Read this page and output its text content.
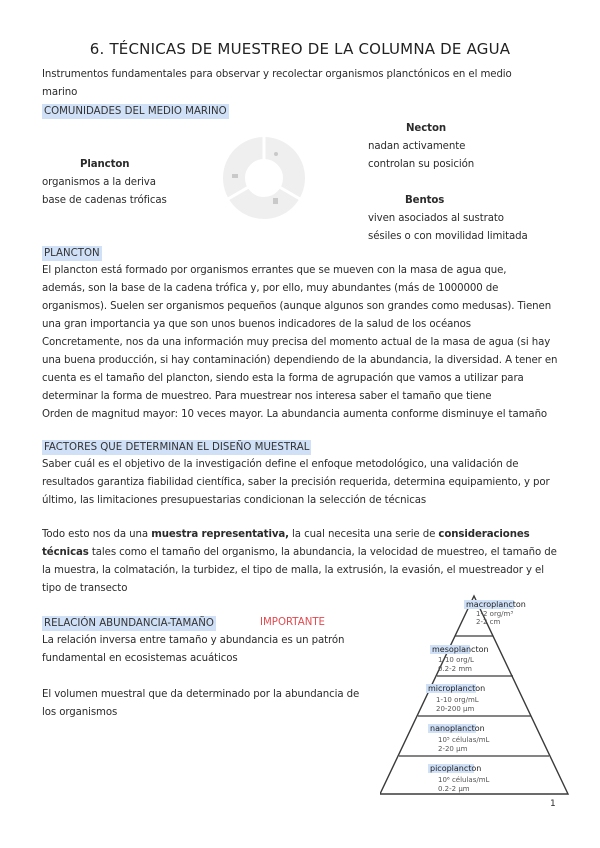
6. TÉCNICAS DE MUESTREO DE LA COLUMNA DE AGUA
Instrumentos fundamentales para observar y recolectar organismos planctónicos en el medio
marino
COMUNIDADES DEL MEDIO MARINO
Necton
nadan activamente
controlan su posición
Plancton
organismos a la deriva
base de cadenas tróficas	Bentos
viven asociados al sustrato
sésiles o con movilidad limitada
PLANCTON
El plancton está formado por organismos errantes que se mueven con la masa de agua que,
además, son la base de la cadena trófica y, por ello, muy abundantes (más de 1000000 de
organismos). Suelen ser organismos pequeños (aunque algunos son grandes como medusas). Tienen
una gran importancia ya que son unos buenos indicadores de la salud de los océanos
Concretamente, nos da una información muy precisa del momento actual de la masa de agua (si hay
una buena producción, si hay contaminación) dependiendo de la abundancia, la diversidad. A tener en
cuenta es el tamaño del plancton, siendo esta la forma de agrupación que vamos a utilizar para
determinar la forma de muestreo. Para muestrear nos interesa saber el tamaño que tiene
Orden de magnitud mayor: 10 veces mayor. La abundancia aumenta conforme disminuye el tamaño
FACTORES QUE DETERMINAN EL DISEÑO MUESTRAL
Saber cuál es el objetivo de la investigación define el enfoque metodológico, una validación de
resultados garantiza fiabilidad científica, saber la precisión requerida, determina equipamiento, y por
último, las limitaciones presupuestarias condicionan la selección de técnicas
Todo esto nos da una muestra representativa, la cual necesita una serie de consideraciones
técnicas tales como el tamaño del organismo, la abundancia, la velocidad de muestreo, el tamaño de
la muestra, la colmatación, la turbidez, el tipo de malla, la extrusión, la evasión, el muestreador y el
tipo de transecto
RELACIÓN ABUNDANCIA-TAMAÑO	IMPORTANTE
La relación inversa entre tamaño y abundancia es un patrón
fundamental en ecosistemas acuáticos
El volumen muestral que da determinado por la abundancia de
los organismos
macroplancton
1-2 org/m³
2-2 cm
mesoplancton
1-10 org/L
0.2-2 mm
microplancton
1-10 org/mL
20-200 µm
nanoplancton
10⁵ células/mL
2-20 µm
picoplancton
10⁶ células/mL
0.2-2 µm
1
